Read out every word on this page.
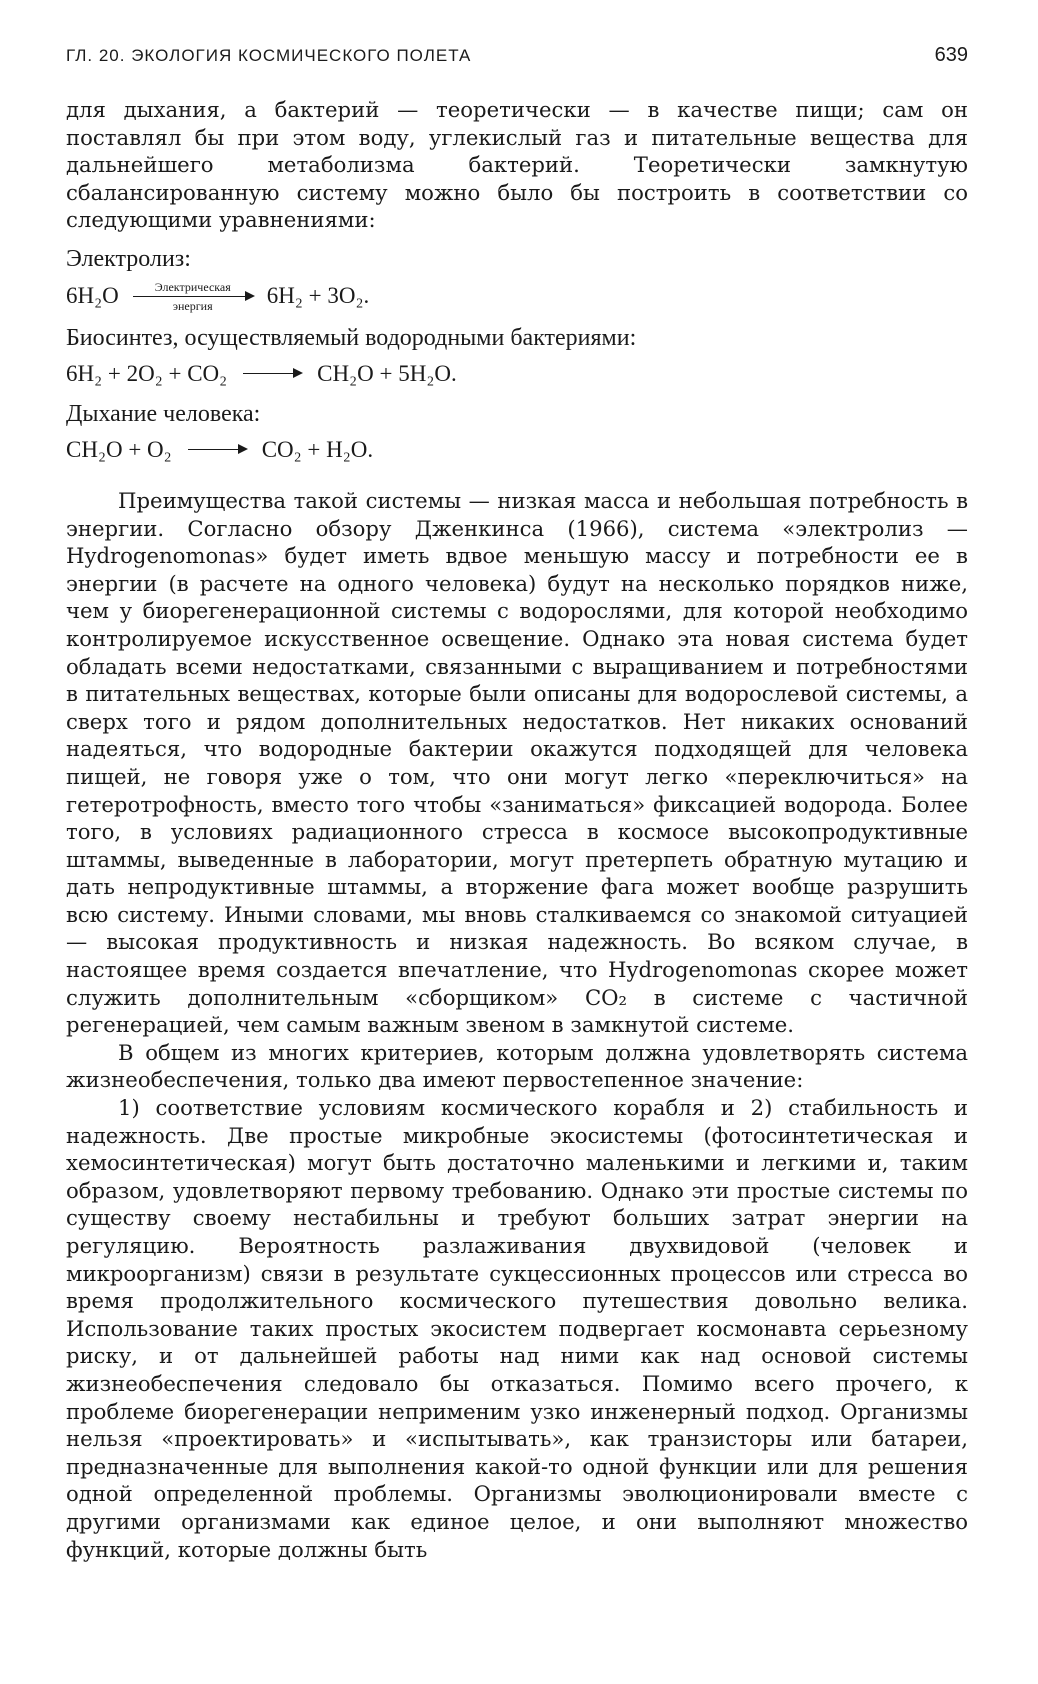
ГЛ. 20. ЭКОЛОГИЯ КОСМИЧЕСКОГО ПОЛЕТА	639

для дыхания, а бактерий — теоретически — в качестве пищи; сам он поставлял бы при этом воду, углекислый газ и питательные вещества для дальнейшего метаболизма бактерий. Теоретически замкнутую сбалансированную систему можно было бы построить в соответствии со следующими уравнениями:

Электролиз:
6H₂O	Электрическая
энергия 6H₂ + 3O₂.
Биосинтез, осуществляемый водородными бактериями:
6H₂ + 2O₂ + CO₂ → CH₂O + 5H₂O.
Дыхание человека:
CH₂O + O₂ → CO₂ + H₂O.

Преимущества такой системы — низкая масса и небольшая потребность в энергии. Согласно обзору Дженкинса (1966), система «электролиз — Hydrogenomonas» будет иметь вдвое меньшую массу и потребности ее в энергии (в расчете на одного человека) будут на несколько порядков ниже, чем у биорегенерационной системы с водорослями, для которой необходимо контролируемое искусственное освещение. Однако эта новая система будет обладать всеми недостатками, связанными с выращиванием и потребностями в питательных веществах, которые были описаны для водорослевой системы, а сверх того и рядом дополнительных недостатков. Нет никаких оснований надеяться, что водородные бактерии окажутся подходящей для человека пищей, не говоря уже о том, что они могут легко «переключиться» на гетеротрофность, вместо того чтобы «заниматься» фиксацией водорода. Более того, в условиях радиационного стресса в космосе высокопродуктивные штаммы, выведенные в лаборатории, могут претерпеть обратную мутацию и дать непродуктивные штаммы, а вторжение фага может вообще разрушить всю систему. Иными словами, мы вновь сталкиваемся со знакомой ситуацией — высокая продуктивность и низкая надежность. Во всяком случае, в настоящее время создается впечатление, что Hydrogenomonas скорее может служить дополнительным «сборщиком» CO₂ в системе с частичной регенерацией, чем самым важным звеном в замкнутой системе.

В общем из многих критериев, которым должна удовлетворять система жизнеобеспечения, только два имеют первостепенное значение:

1) соответствие условиям космического корабля и 2) стабильность и надежность. Две простые микробные экосистемы (фотосинтетическая и хемосинтетическая) могут быть достаточно маленькими и легкими и, таким образом, удовлетворяют первому требованию. Однако эти простые системы по существу своему нестабильны и требуют больших затрат энергии на регуляцию. Вероятность разлаживания двухвидовой (человек и микроорганизм) связи в результате сукцессионных процессов или стресса во время продолжительного космического путешествия довольно велика. Использование таких простых экосистем подвергает космонавта серьезному риску, и от дальнейшей работы над ними как над основой системы жизнеобеспечения следовало бы отказаться. Помимо всего прочего, к проблеме биорегенерации неприменим узко инженерный подход. Организмы нельзя «проектировать» и «испытывать», как транзисторы или батареи, предназначенные для выполнения какой-то одной функции или для решения одной определенной проблемы. Организмы эволюционировали вместе с другими организмами как единое целое, и они выполняют множество функций, которые должны быть
